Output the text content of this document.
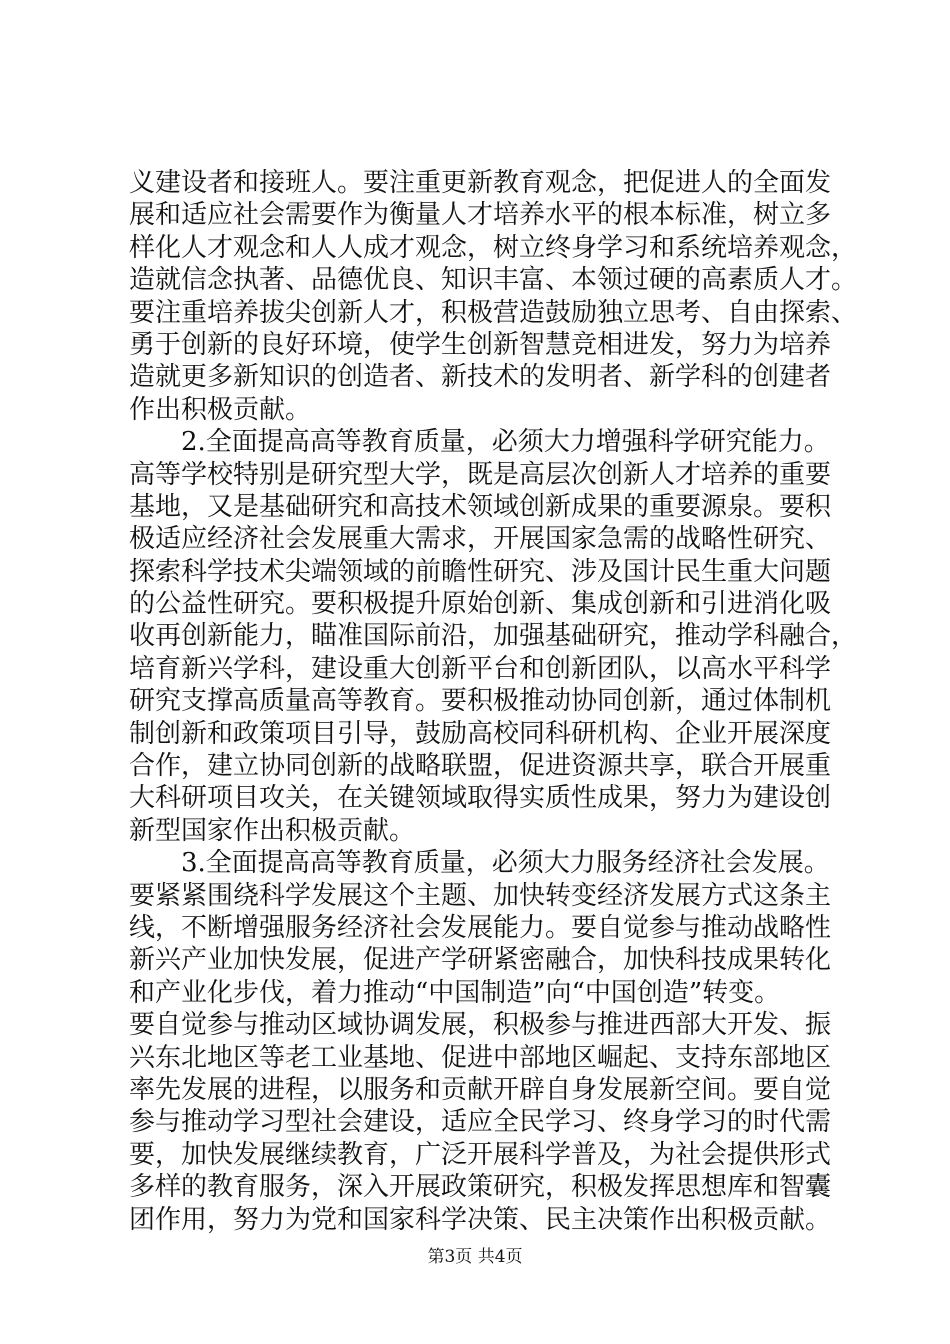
义建设者和接班人。要注重更新教育观念，把促进人的全面发
展和适应社会需要作为衡量人才培养水平的根本标准，树立多
样化人才观念和人人成才观念，树立终身学习和系统培养观念，
造就信念执著、品德优良、知识丰富、本领过硬的高素质人才。
要注重培养拔尖创新人才，积极营造鼓励独立思考、自由探索、
勇于创新的良好环境，使学生创新智慧竞相进发，努力为培养
造就更多新知识的创造者、新技术的发明者、新学科的创建者
作出积极贡献。
2.全面提高高等教育质量，必须大力增强科学研究能力。
高等学校特别是研究型大学，既是高层次创新人才培养的重要
基地，又是基础研究和高技术领域创新成果的重要源泉。要积
极适应经济社会发展重大需求，开展国家急需的战略性研究、
探索科学技术尖端领域的前瞻性研究、涉及国计民生重大问题
的公益性研究。要积极提升原始创新、集成创新和引进消化吸
收再创新能力，瞄准国际前沿，加强基础研究，推动学科融合，
培育新兴学科，建设重大创新平台和创新团队，以高水平科学
研究支撑高质量高等教育。要积极推动协同创新，通过体制机
制创新和政策项目引导，鼓励高校同科研机构、企业开展深度
合作，建立协同创新的战略联盟，促进资源共享，联合开展重
大科研项目攻关，在关键领域取得实质性成果，努力为建设创
新型国家作出积极贡献。
3.全面提高高等教育质量，必须大力服务经济社会发展。
要紧紧围绕科学发展这个主题、加快转变经济发展方式这条主
线，不断增强服务经济社会发展能力。要自觉参与推动战略性
新兴产业加快发展，促进产学研紧密融合，加快科技成果转化
和产业化步伐，着力推动“中国制造”向“中国创造”转变。
要自觉参与推动区域协调发展，积极参与推进西部大开发、振
兴东北地区等老工业基地、促进中部地区崛起、支持东部地区
率先发展的进程，以服务和贡献开辟自身发展新空间。要自觉
参与推动学习型社会建设，适应全民学习、终身学习的时代需
要，加快发展继续教育，广泛开展科学普及，为社会提供形式
多样的教育服务，深入开展政策研究，积极发挥思想库和智囊
团作用，努力为党和国家科学决策、民主决策作出积极贡献。
第3页 共4页
